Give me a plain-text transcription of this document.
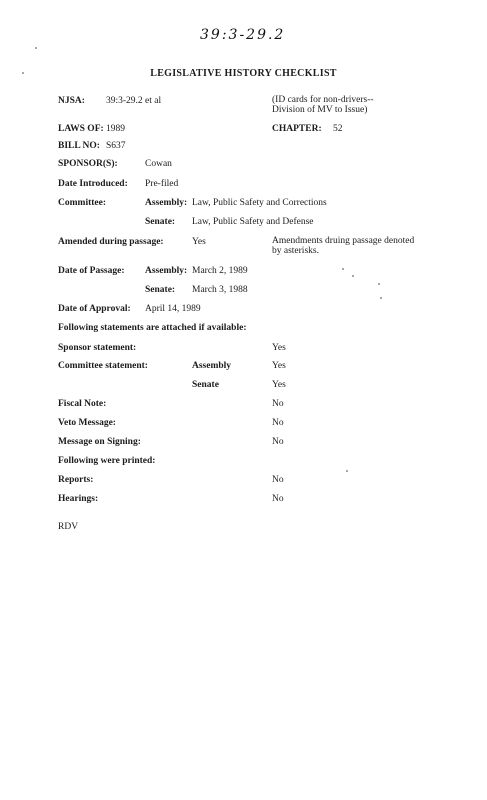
39:3-29.2
LEGISLATIVE HISTORY CHECKLIST
NJSA: 39:3-29.2 et al	(ID cards for non-drivers--
Division of MV to Issue)
LAWS OF: 1989	CHAPTER: 52
BILL NO: S637
SPONSOR(S):	Cowan
Date Introduced: Pre-filed
Committee:	Assembly: Law, Public Safety and Corrections
Senate: Law, Public Safety and Defense
Amended during passage:	Yes	Amendments druing passage denoted
by asterisks.
Date of Passage: Assembly: March 2, 1989
Senate: March 3, 1988
Date of Approval: April 14, 1989
Following statements are attached if available:
Sponsor statement:	Yes
Committee statement:	Assembly	Yes
Senate	Yes
Fiscal Note:	No
Veto Message:	No
Message on Signing:	No
Following were printed:
Reports:	No
Hearings:	No
RDV
